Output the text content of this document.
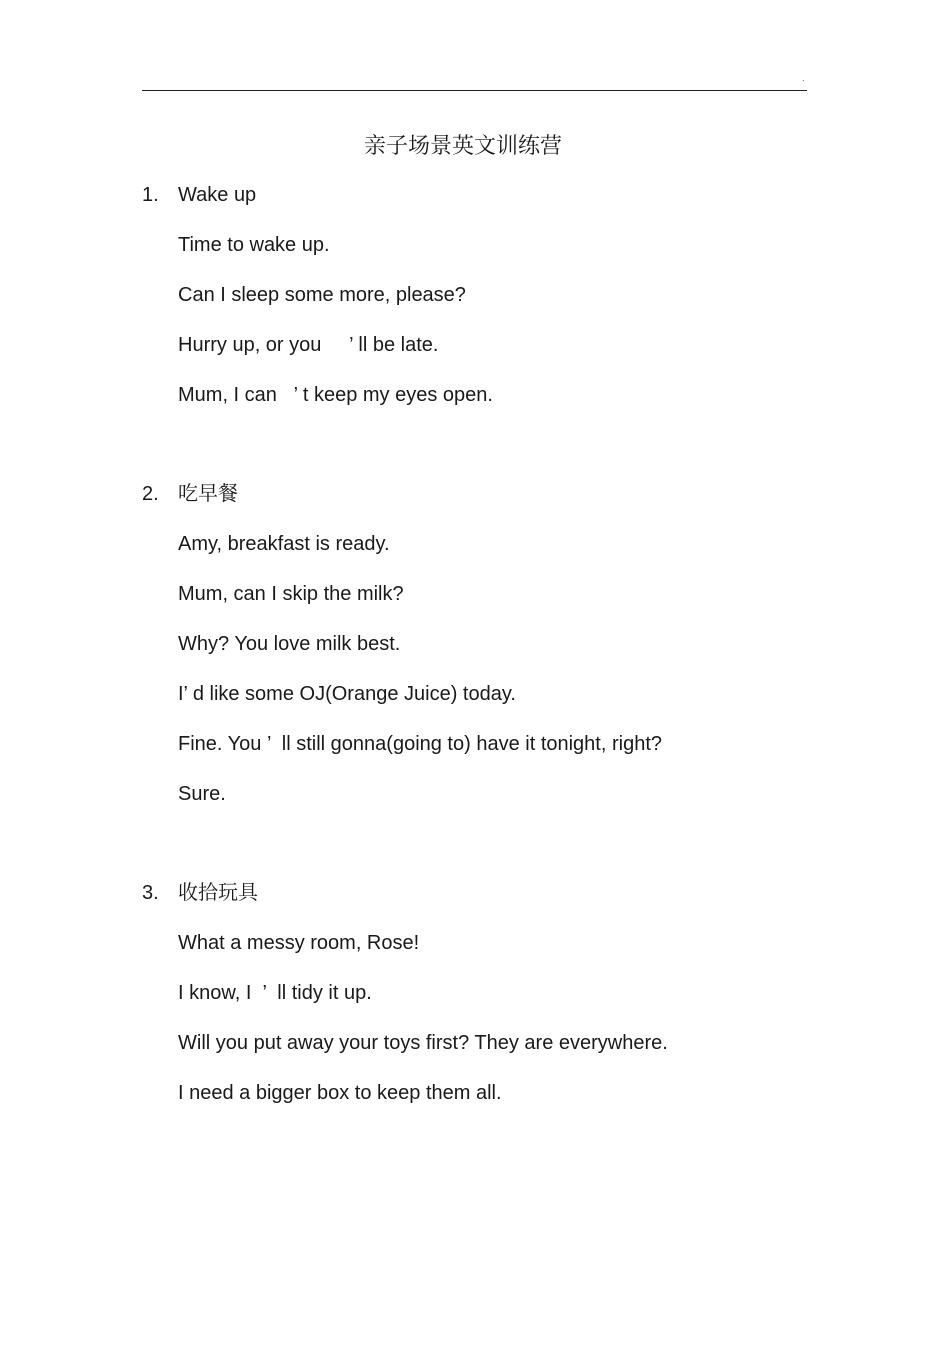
.
亲子场景英文训练营
1. Wake up
Time to wake up.
Can I sleep some more, please?
Hurry up, or you     ’ ll be late.
Mum, I can   ’ t keep my eyes open.
2. 吃早餐
Amy, breakfast is ready.
Mum, can I skip the milk?
Why? You love milk best.
I’ d like some OJ(Orange Juice) today.
Fine. You ’  ll still gonna(going to) have it tonight, right?
Sure.
3. 收拾玩具
What a messy room, Rose!
I know, I  ’  ll tidy it up.
Will you put away your toys first? They are everywhere.
I need a bigger box to keep them all.
